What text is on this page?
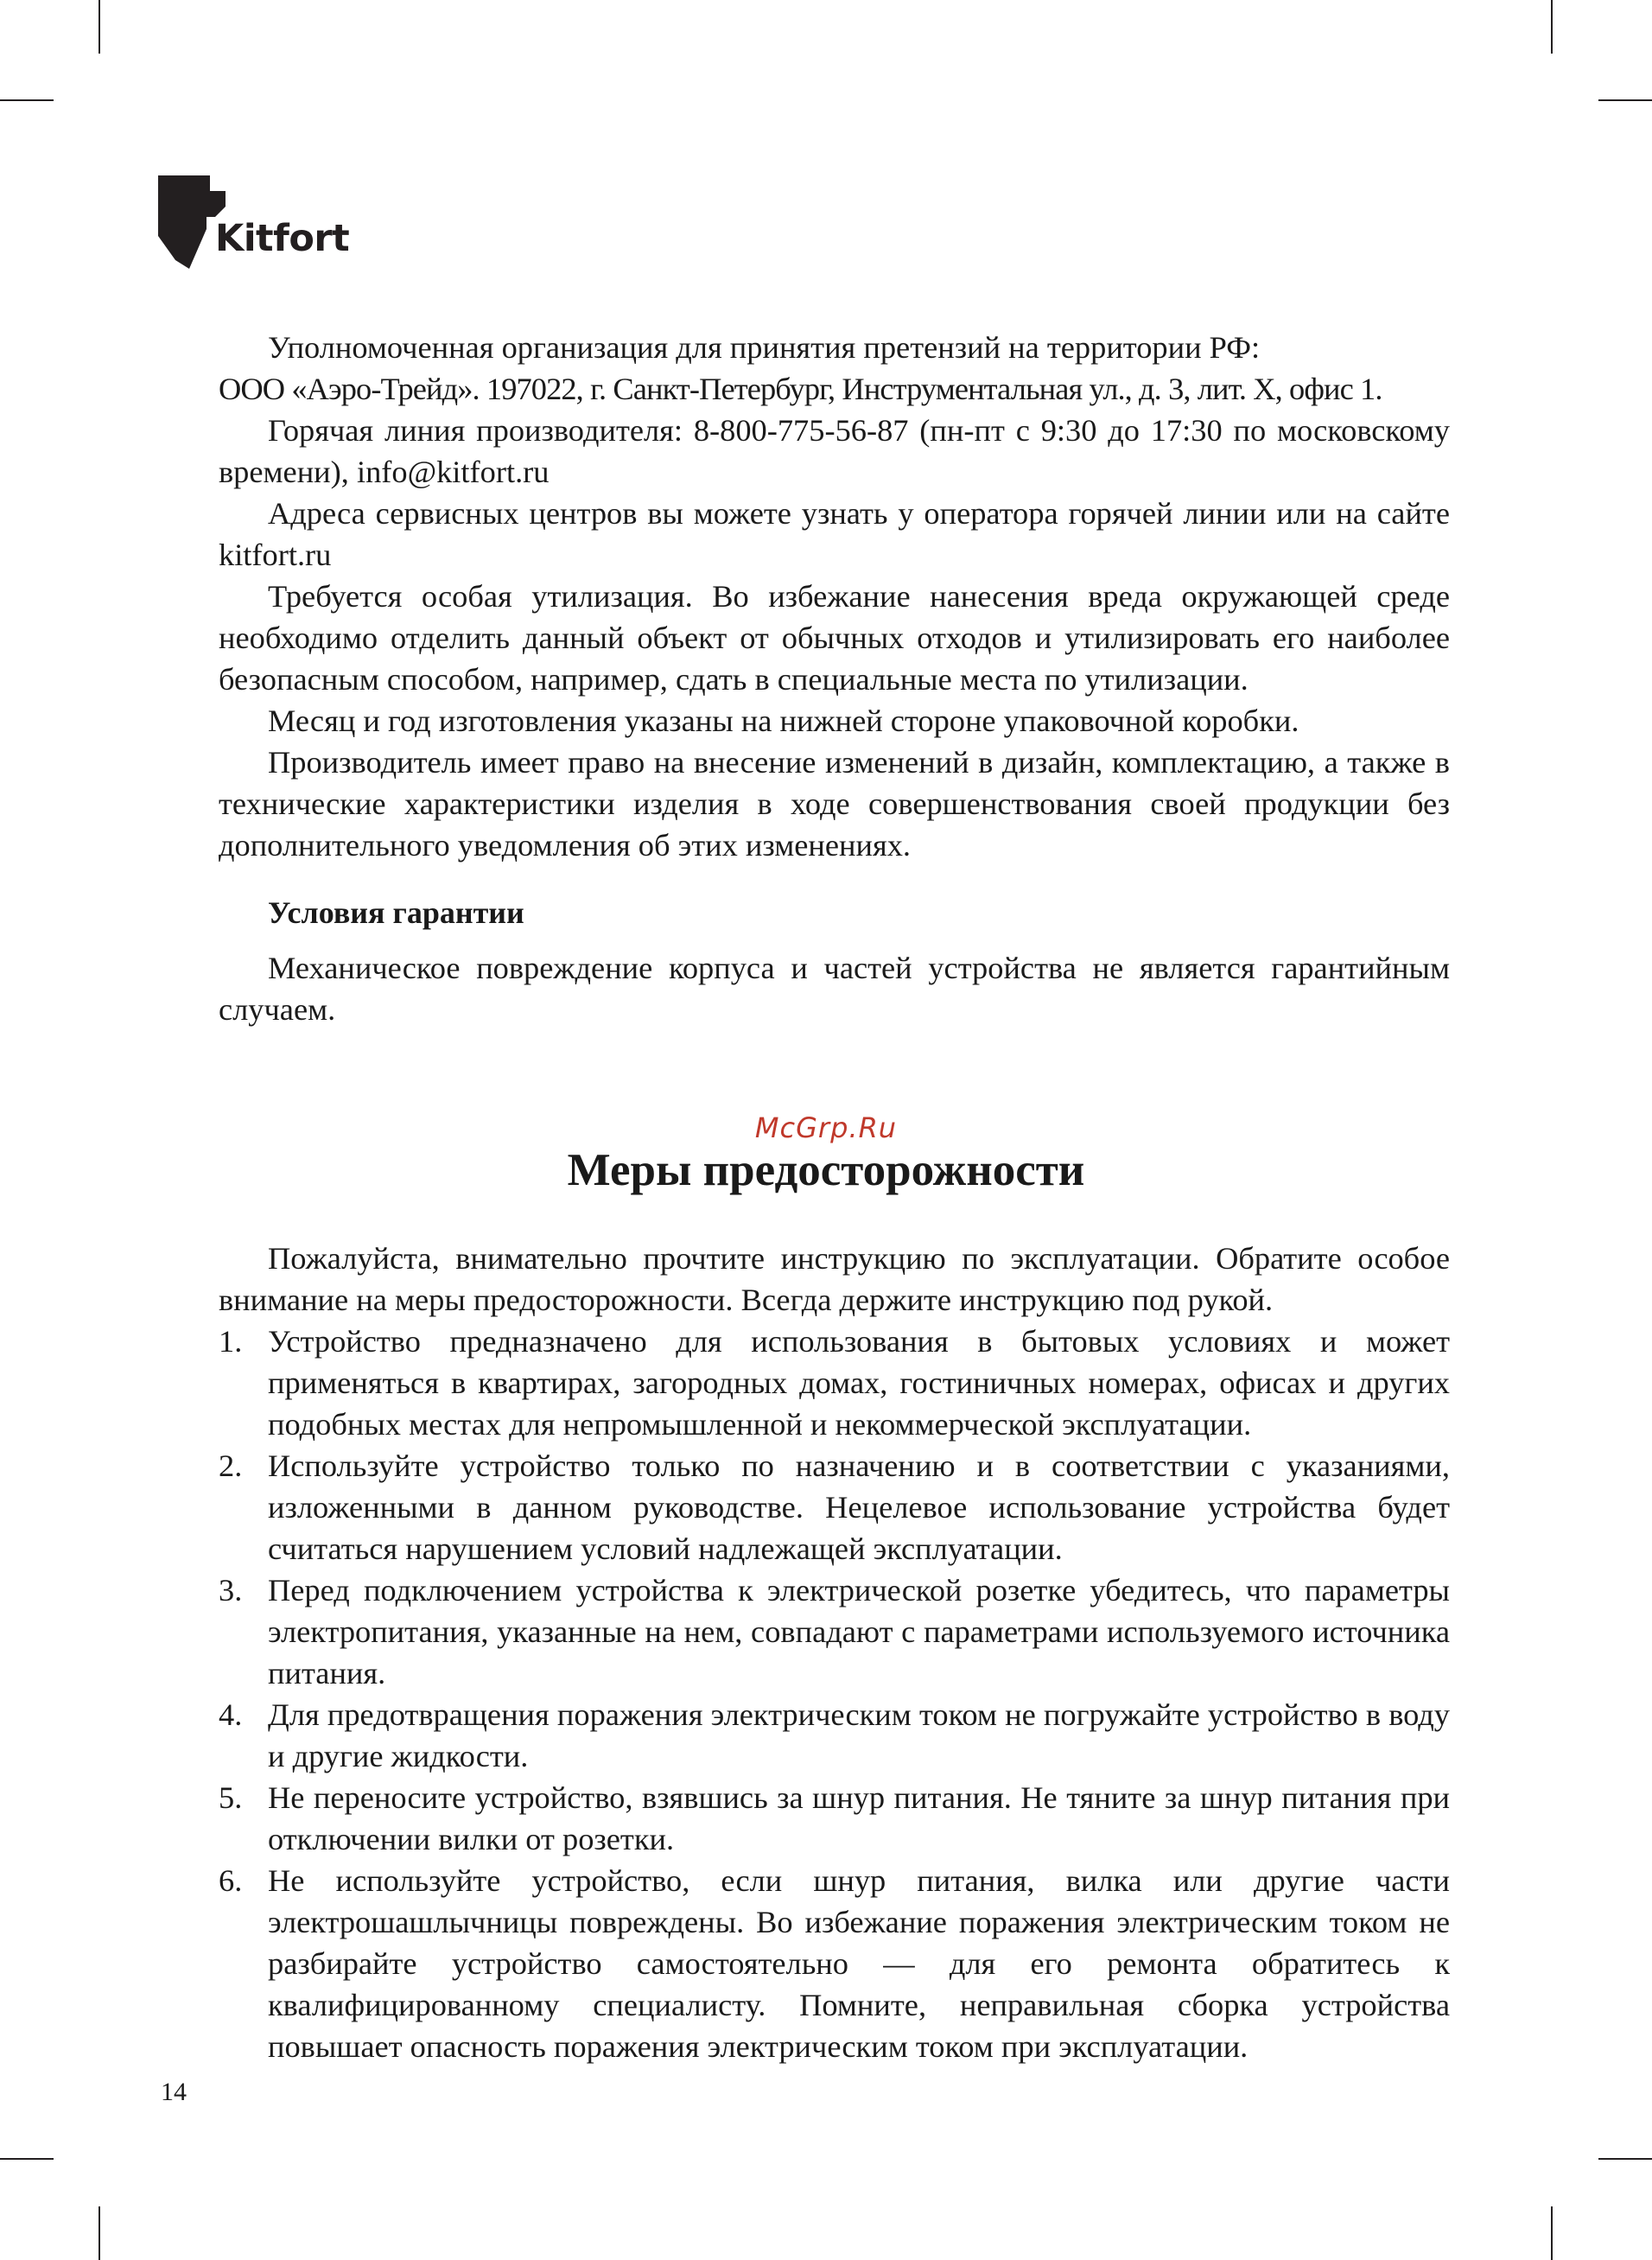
Kitfort

Уполномоченная организация для принятия претензий на территории РФ:

ООО «Аэро-Трейд». 197022, г. Санкт-Петербург, Инструментальная ул., д. 3, лит. Х, офис 1.

Горячая линия производителя: 8-800-775-56-87 (пн-пт с 9:30 до 17:30 по московскому времени), info@kitfort.ru

Адреса сервисных центров вы можете узнать у оператора горячей линии или на сайте kitfort.ru

Требуется особая утилизация. Во избежание нанесения вреда окружающей среде необходимо отделить данный объект от обычных отходов и утилизировать его наиболее безопасным способом, например, сдать в специальные места по утилизации.

Месяц и год изготовления указаны на нижней стороне упаковочной коробки.

Производитель имеет право на внесение изменений в дизайн, комплектацию, а также в технические характеристики изделия в ходе совершенствования своей продукции без дополнительного уведомления об этих изменениях.

Условия гарантии

Механическое повреждение корпуса и частей устройства не является гарантийным случаем.

McGrp.Ru
Меры предосторожности

Пожалуйста, внимательно прочтите инструкцию по эксплуатации. Обратите особое внимание на меры предосторожности. Всегда держите инструкцию под рукой.

1. Устройство предназначено для использования в бытовых условиях и может применяться в квартирах, загородных домах, гостиничных номерах, офисах и других подобных местах для непромышленной и некоммерческой эксплуатации.
2. Используйте устройство только по назначению и в соответствии с указаниями, изложенными в данном руководстве. Нецелевое использование устройства будет считаться нарушением условий надлежащей эксплуатации.
3. Перед подключением устройства к электрической розетке убедитесь, что параметры электропитания, указанные на нем, совпадают с параметрами используемого источника питания.
4. Для предотвращения поражения электрическим током не погружайте устройство в воду и другие жидкости.
5. Не переносите устройство, взявшись за шнур питания. Не тяните за шнур питания при отключении вилки от розетки.
6. Не используйте устройство, если шнур питания, вилка или другие части электрошашлычницы повреждены. Во избежание поражения электрическим током не разбирайте устройство самостоятельно — для его ремонта обратитесь к квалифицированному специалисту. Помните, неправильная сборка устройства повышает опасность поражения электрическим током при эксплуатации.
14
